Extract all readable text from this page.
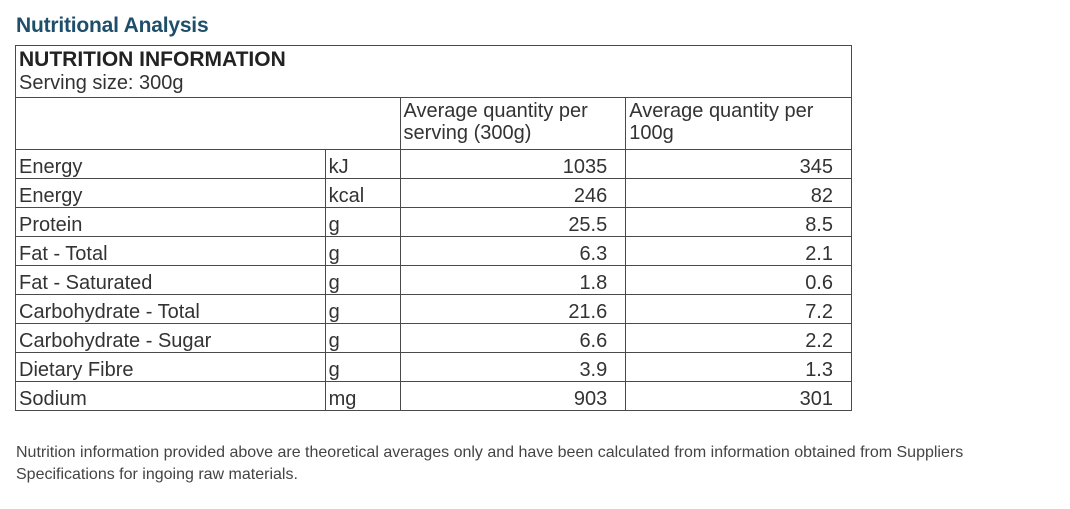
Nutritional Analysis
NUTRITION INFORMATION
Serving size: 300g			

		Average quantity per serving (300g)	Average quantity per 100g
Energy	kJ	1035	345
Energy	kcal	246	82
Protein	g	25.5	8.5
Fat - Total	g	6.3	2.1
Fat - Saturated	g	1.8	0.6
Carbohydrate - Total	g	21.6	7.2
Carbohydrate - Sugar	g	6.6	2.2
Dietary Fibre	g	3.9	1.3
Sodium	mg	903	301
Nutrition information provided above are theoretical averages only and have been calculated from information obtained from Suppliers Specifications for ingoing raw materials.
